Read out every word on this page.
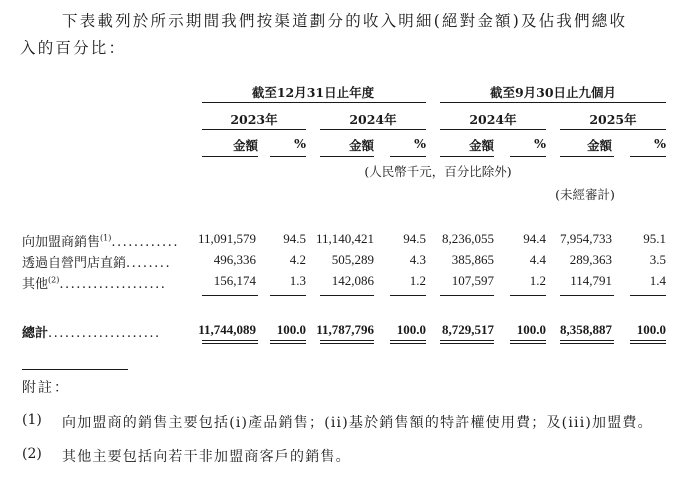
下表載列於所示期間我們按渠道劃分的收入明細(絕對金額)及佔我們總收
入的百分比：
截至12月31日止年度	截至9月30日止九個月
2023年	2024年	2024年	2025年
金額	%	金額	%	金額	%	金額	%
(人民幣千元，百分比除外)
(未經審計)
向加盟商銷售$^{(1)}$............	11,091,579	94.5 11,140,421	94.5	8,236,055	94.4	7,954,733	95.1
透過自營門店直銷........	496,336	4.2	505,289	4.3	385,865	4.4	289,363	3.5
其他$^{(2)}$...................	156,174	1.3	142,086	1.2	107,597	1.2	114,791	1.4
總計....................	11,744,089	100.0 11,787,796	100.0	8,729,517	100.0	8,358,887	100.0
附註：
(1) 向加盟商的銷售主要包括(i)產品銷售；(ii)基於銷售額的特許權使用費；及(iii)加盟費。
(2) 其他主要包括向若干非加盟商客戶的銷售。
